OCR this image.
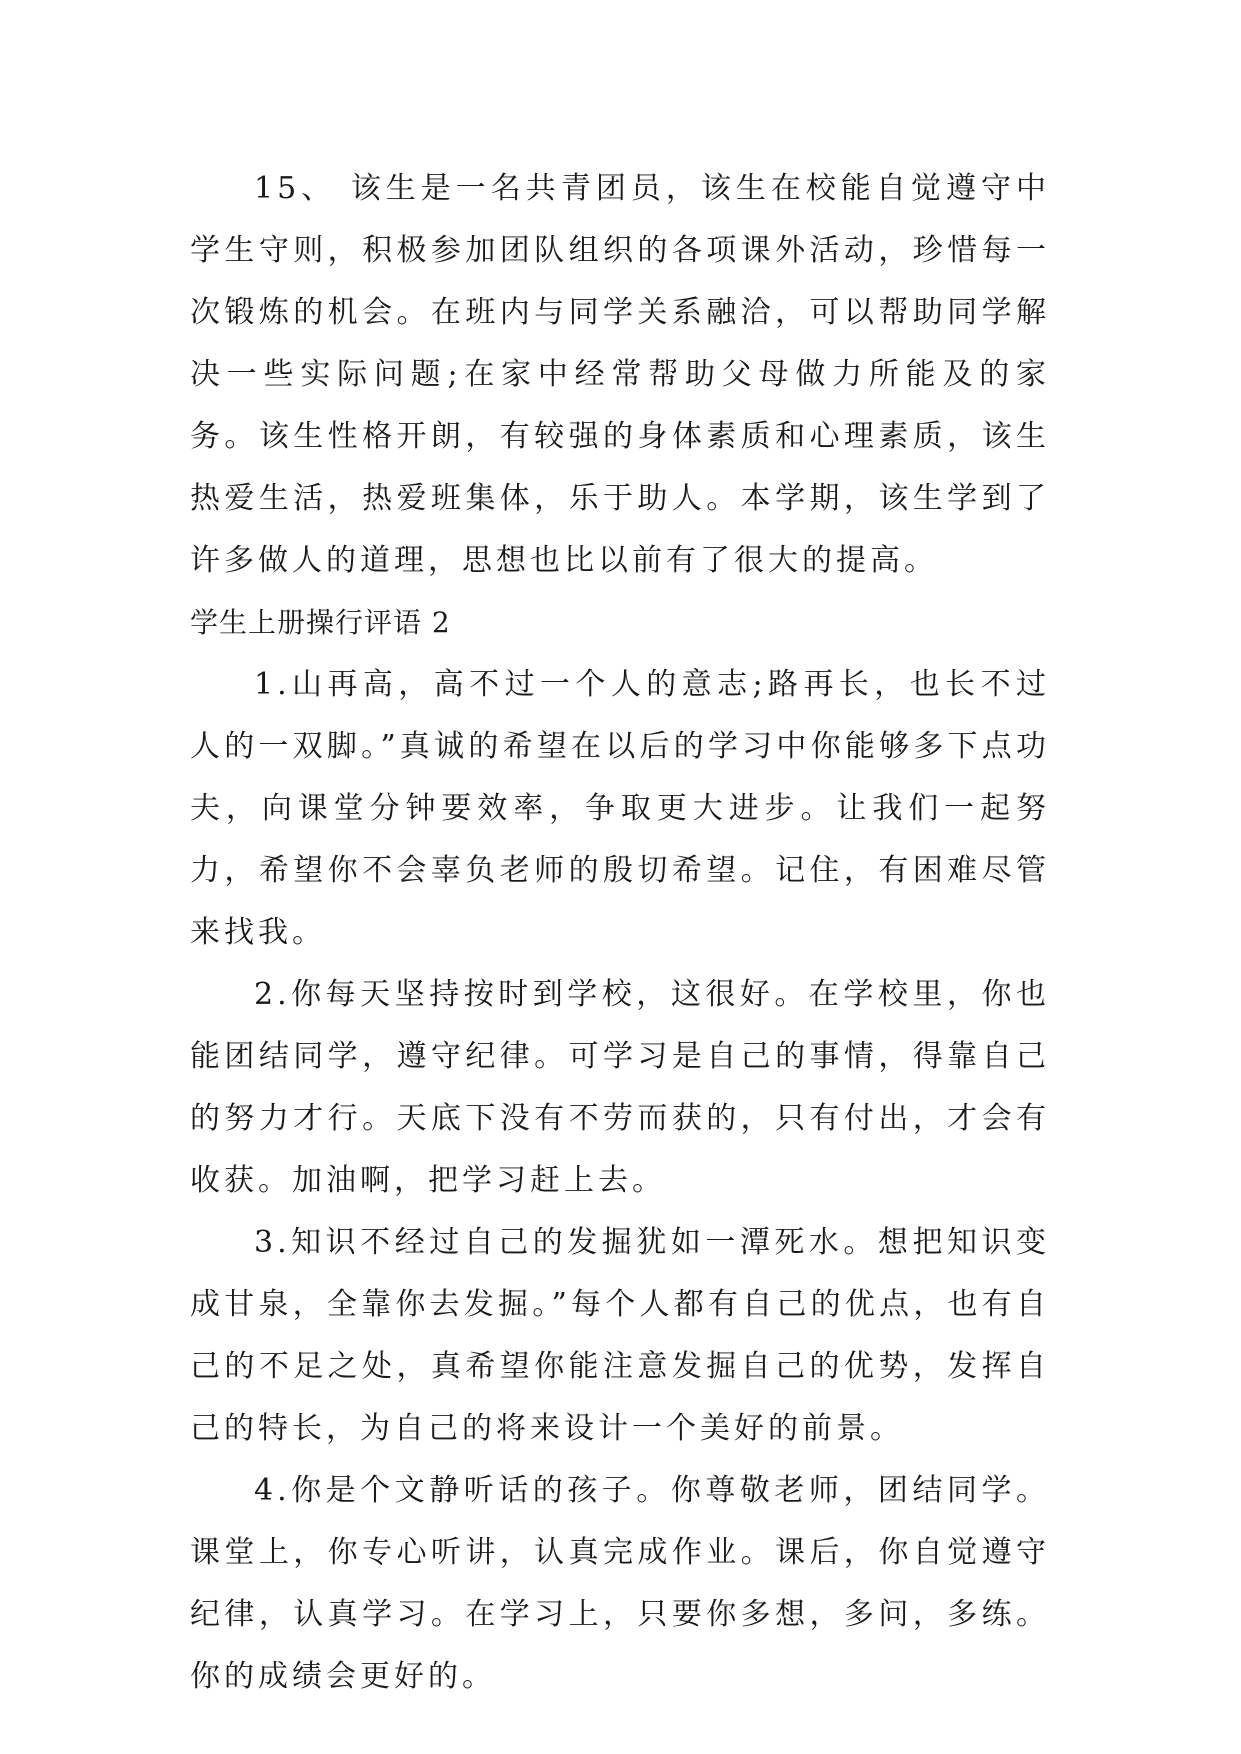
15、 该生是一名共青团员，该生在校能自觉遵守中学生守则，积极参加团队组织的各项课外活动，珍惜每一次锻炼的机会。在班内与同学关系融洽，可以帮助同学解决一些实际问题;在家中经常帮助父母做力所能及的家务。该生性格开朗，有较强的身体素质和心理素质，该生热爱生活，热爱班集体，乐于助人。本学期，该生学到了许多做人的道理，思想也比以前有了很大的提高。

学生上册操行评语 2

1.山再高，高不过一个人的意志;路再长，也长不过人的一双脚。”真诚的希望在以后的学习中你能够多下点功夫，向课堂分钟要效率，争取更大进步。让我们一起努力，希望你不会辜负老师的殷切希望。记住，有困难尽管来找我。

2.你每天坚持按时到学校，这很好。在学校里，你也能团结同学，遵守纪律。可学习是自己的事情，得靠自己的努力才行。天底下没有不劳而获的，只有付出，才会有收获。加油啊，把学习赶上去。

3.知识不经过自己的发掘犹如一潭死水。想把知识变成甘泉，全靠你去发掘。”每个人都有自己的优点，也有自己的不足之处，真希望你能注意发掘自己的优势，发挥自己的特长，为自己的将来设计一个美好的前景。

4.你是个文静听话的孩子。你尊敬老师，团结同学。课堂上，你专心听讲，认真完成作业。课后，你自觉遵守纪律，认真学习。在学习上，只要你多想，多问，多练。你的成绩会更好的。
